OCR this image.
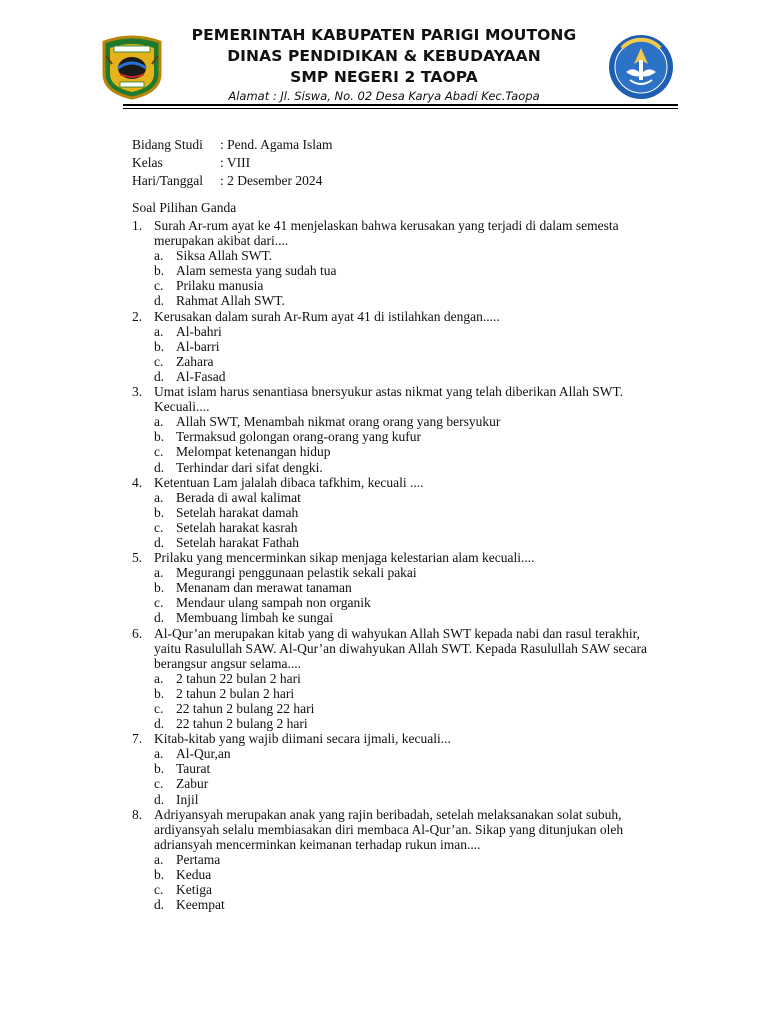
PEMERINTAH KABUPATEN PARIGI MOUTONG
DINAS PENDIDIKAN & KEBUDAYAAN
SMP NEGERI 2 TAOPA
Alamat : Jl. Siswa, No. 02 Desa Karya Abadi Kec.Taopa
Bidang Studi	: Pend. Agama Islam
Kelas	: VIII
Hari/Tanggal	: 2 Desember 2024
Soal Pilihan Ganda
1. Surah Ar-rum ayat ke 41 menjelaskan bahwa kerusakan yang terjadi di dalam semesta merupakan akibat dari....
a. Siksa Allah SWT.
b. Alam semesta yang sudah tua
c. Prilaku manusia
d. Rahmat Allah SWT.
2. Kerusakan dalam surah Ar-Rum ayat 41 di istilahkan dengan.....
a. Al-bahri
b. Al-barri
c. Zahara
d. Al-Fasad
3. Umat islam harus senantiasa bnersyukur astas nikmat yang telah diberikan Allah SWT. Kecuali....
a. Allah SWT, Menambah nikmat orang orang yang bersyukur
b. Termaksud golongan orang-orang yang kufur
c. Melompat ketenangan hidup
d. Terhindar dari sifat dengki.
4. Ketentuan Lam jalalah dibaca tafkhim, kecuali ....
a. Berada di awal kalimat
b. Setelah harakat damah
c. Setelah harakat kasrah
d. Setelah harakat Fathah
5. Prilaku yang mencerminkan sikap menjaga kelestarian alam kecuali....
a. Megurangi penggunaan pelastik sekali pakai
b. Menanam dan merawat tanaman
c. Mendaur ulang sampah non organik
d. Membuang limbah ke sungai
6. Al-Qur’an merupakan kitab yang di wahyukan Allah SWT kepada nabi dan rasul terakhir, yaitu Rasulullah SAW. Al-Qur’an diwahyukan Allah SWT. Kepada Rasulullah SAW secara berangsur angsur selama....
a. 2 tahun 22 bulan 2 hari
b. 2 tahun 2 bulan 2 hari
c. 22 tahun 2 bulang 22 hari
d. 22 tahun 2 bulang 2 hari
7. Kitab-kitab yang wajib diimani secara ijmali, kecuali...
a. Al-Qur,an
b. Taurat
c. Zabur
d. Injil
8. Adriyansyah merupakan anak yang rajin beribadah, setelah melaksanakan solat subuh, ardiyansyah selalu membiasakan diri membaca Al-Qur’an. Sikap yang ditunjukan oleh adriansyah mencerminkan keimanan terhadap rukun iman....
a. Pertama
b. Kedua
c. Ketiga
d. Keempat
